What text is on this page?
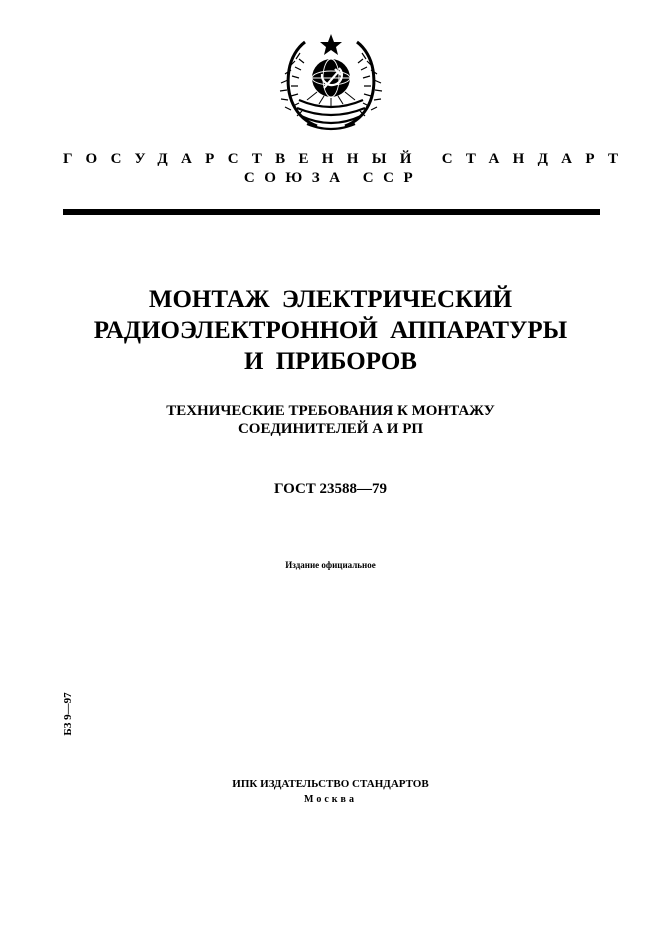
ГОСУДАРСТВЕННЫЙ СТАНДАРТ
СОЮЗА ССР
МОНТАЖ ЭЛЕКТРИЧЕСКИЙ
РАДИОЭЛЕКТРОННОЙ АППАРАТУРЫ
И ПРИБОРОВ
ТЕХНИЧЕСКИЕ ТРЕБОВАНИЯ К МОНТАЖУ
СОЕДИНИТЕЛЕЙ А И РП
ГОСТ 23588—79
Издание официальное
БЗ 9—97
ИПК ИЗДАТЕЛЬСТВО СТАНДАРТОВ
Москва
